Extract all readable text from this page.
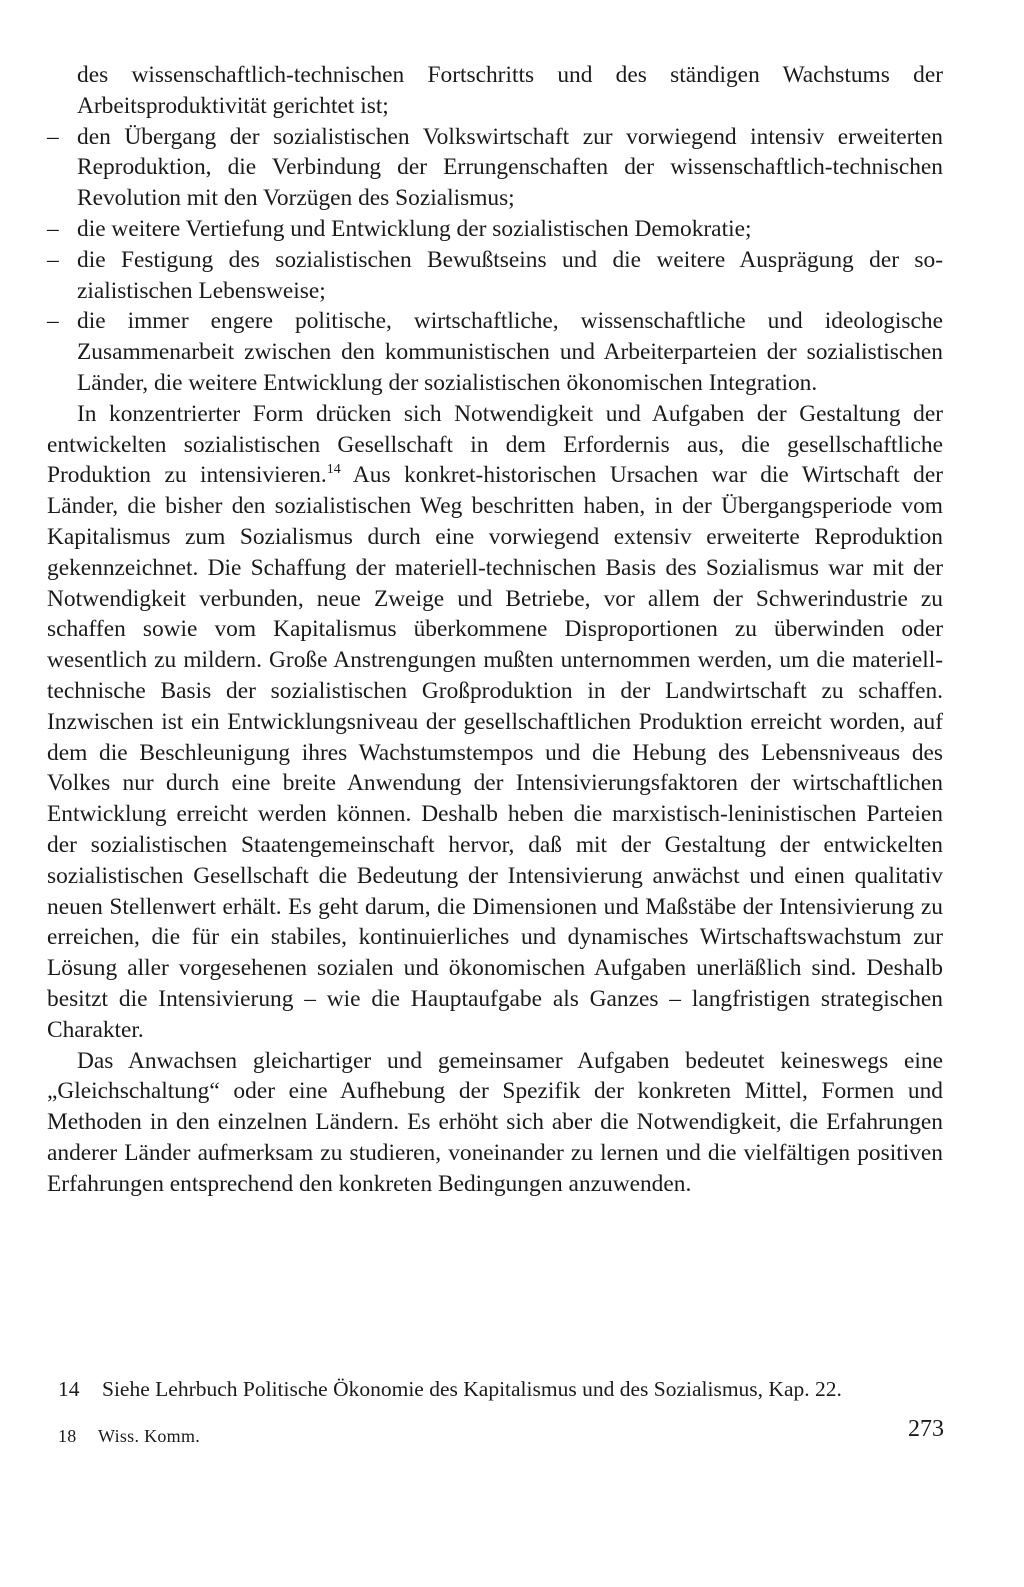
des wissenschaftlich-technischen Fortschritts und des ständigen Wachstums der Arbeitsproduktivität gerichtet ist;

– den Übergang der sozialistischen Volkswirtschaft zur vorwiegend intensiv erweiterten Reproduktion, die Verbindung der Errungenschaften der wissenschaftlich-technischen Revolution mit den Vorzügen des Sozialismus;

– die weitere Vertiefung und Entwicklung der sozialistischen Demokratie;

– die Festigung des sozialistischen Bewußtseins und die weitere Ausprägung der sozialistischen Lebensweise;

– die immer engere politische, wirtschaftliche, wissenschaftliche und ideologische Zusammenarbeit zwischen den kommunistischen und Arbeiterparteien der sozialistischen Länder, die weitere Entwicklung der sozialistischen ökonomischen Integration.

In konzentrierter Form drücken sich Notwendigkeit und Aufgaben der Gestaltung der entwickelten sozialistischen Gesellschaft in dem Erfordernis aus, die gesellschaftliche Produktion zu intensivieren.$^{14}$ Aus konkret-historischen Ursachen war die Wirtschaft der Länder, die bisher den sozialistischen Weg beschritten haben, in der Übergangsperiode vom Kapitalismus zum Sozialismus durch eine vorwiegend extensiv erweiterte Reproduktion gekennzeichnet. Die Schaffung der materiell-technischen Basis des Sozialismus war mit der Notwendigkeit verbunden, neue Zweige und Betriebe, vor allem der Schwerindustrie zu schaffen sowie vom Kapitalismus überkommene Disproportionen zu überwinden oder wesentlich zu mildern. Große Anstrengungen mußten unternommen werden, um die materiell-technische Basis der sozialistischen Großproduktion in der Landwirtschaft zu schaffen. Inzwischen ist ein Entwicklungsniveau der gesellschaftlichen Produktion erreicht worden, auf dem die Beschleunigung ihres Wachstumstempos und die Hebung des Lebensniveaus des Volkes nur durch eine breite Anwendung der Intensivierungsfaktoren der wirtschaftlichen Entwicklung erreicht werden können. Deshalb heben die marxistisch-leninistischen Parteien der sozialistischen Staatengemeinschaft hervor, daß mit der Gestaltung der entwickelten sozialistischen Gesellschaft die Bedeutung der Intensivierung anwächst und einen qualitativ neuen Stellenwert erhält. Es geht darum, die Dimensionen und Maßstäbe der Intensivierung zu erreichen, die für ein stabiles, kontinuierliches und dynamisches Wirtschaftswachstum zur Lösung aller vorgesehenen sozialen und ökonomischen Aufgaben unerläßlich sind. Deshalb besitzt die Intensivierung – wie die Hauptaufgabe als Ganzes – langfristigen strategischen Charakter.

Das Anwachsen gleichartiger und gemeinsamer Aufgaben bedeutet keineswegs eine „Gleichschaltung“ oder eine Aufhebung der Spezifik der konkreten Mittel, Formen und Methoden in den einzelnen Ländern. Es erhöht sich aber die Notwendigkeit, die Erfahrungen anderer Länder aufmerksam zu studieren, voneinander zu lernen und die vielfältigen positiven Erfahrungen entsprechend den konkreten Bedingungen anzuwenden.

14 Siehe Lehrbuch Politische Ökonomie des Kapitalismus und des Sozialismus, Kap. 22.
18 Wiss. Komm.	273
